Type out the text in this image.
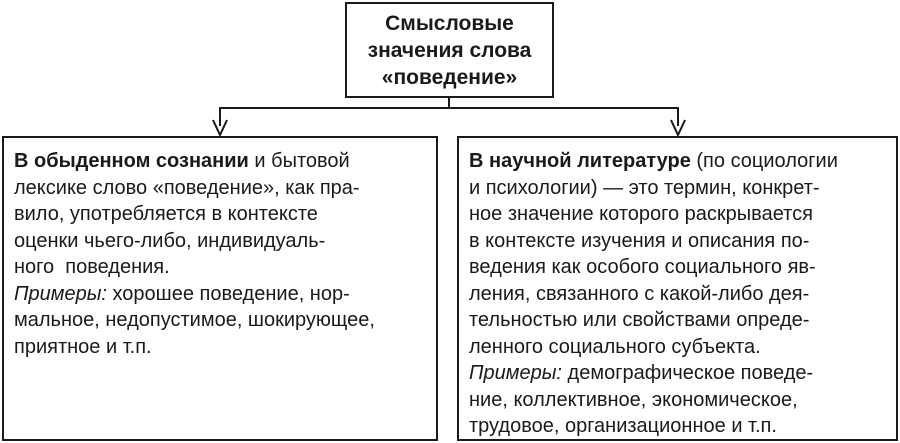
Смысловые
значения слова
«поведение»
В обыденном сознании и бытовой
лексике слово «поведение», как пра-
вило, употребляется в контексте
оценки чьего-либо, индивидуаль-
ного  поведения.
Примеры: хорошее поведение, нор-
мальное, недопустимое, шокирующее,
приятное и т.п.
В научной литературе (по социологии
и психологии) — это термин, конкрет-
ное значение которого раскрывается
в контексте изучения и описания по-
ведения как особого социального яв-
ления, связанного с какой-либо дея-
тельностью или свойствами опреде-
ленного социального субъекта.
Примеры: демографическое поведе-
ние, коллективное, экономическое,
трудовое, организационное и т.п.
